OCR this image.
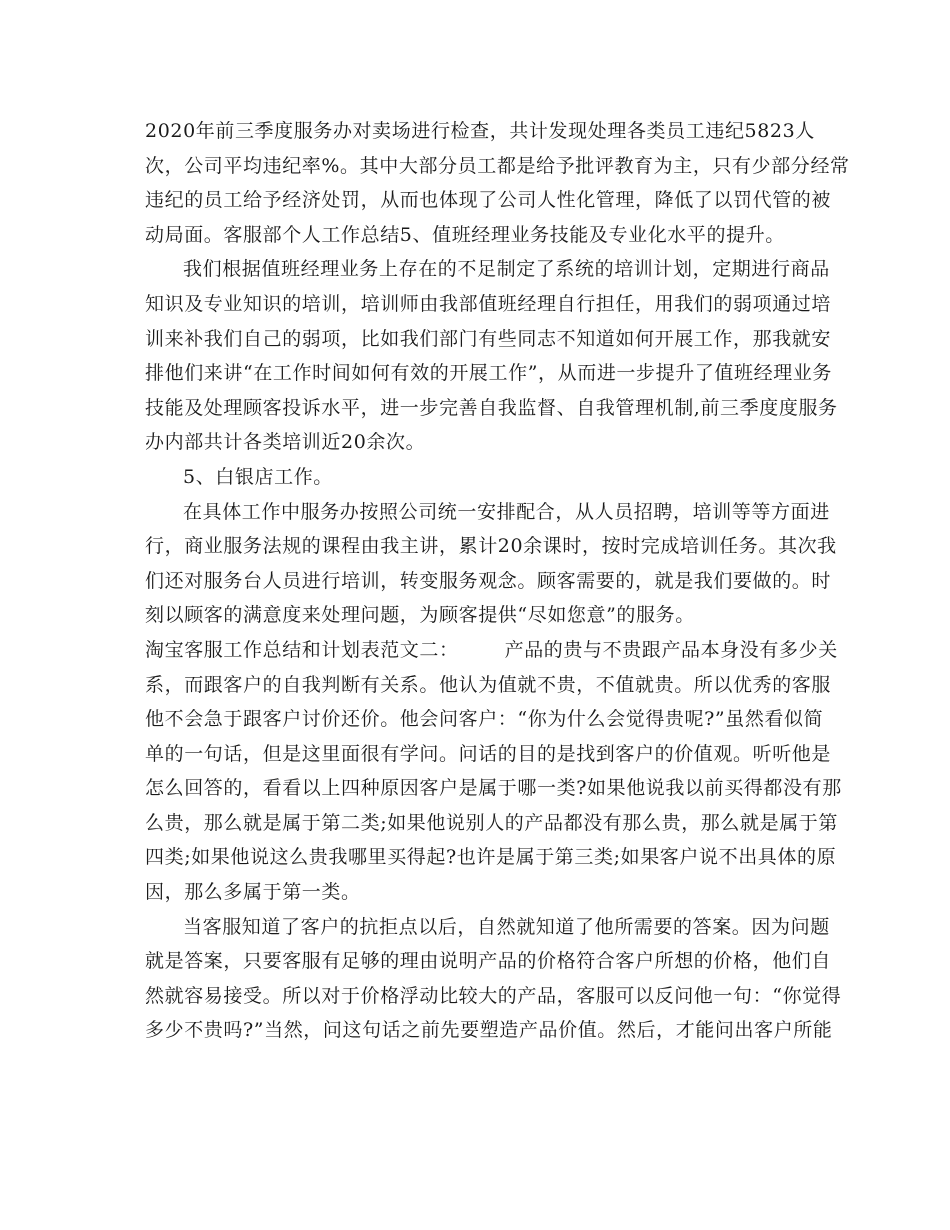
2020年前三季度服务办对卖场进行检查，共计发现处理各类员工违纪5823人
次，公司平均违纪率%。其中大部分员工都是给予批评教育为主，只有少部分经常
违纪的员工给予经济处罚，从而也体现了公司人性化管理，降低了以罚代管的被
动局面。客服部个人工作总结5、值班经理业务技能及专业化水平的提升。
我们根据值班经理业务上存在的不足制定了系统的培训计划，定期进行商品
知识及专业知识的培训，培训师由我部值班经理自行担任，用我们的弱项通过培
训来补我们自己的弱项，比如我们部门有些同志不知道如何开展工作，那我就安
排他们来讲“在工作时间如何有效的开展工作”，从而进一步提升了值班经理业务
技能及处理顾客投诉水平，进一步完善自我监督、自我管理机制,前三季度度服务
办内部共计各类培训近20余次。
5、白银店工作。
在具体工作中服务办按照公司统一安排配合，从人员招聘，培训等等方面进
行，商业服务法规的课程由我主讲，累计20余课时，按时完成培训任务。其次我
们还对服务台人员进行培训，转变服务观念。顾客需要的，就是我们要做的。时
刻以顾客的满意度来处理问题，为顾客提供“尽如您意”的服务。
淘宝客服工作总结和计划表范文二： 产品的贵与不贵跟产品本身没有多少关
系，而跟客户的自我判断有关系。他认为值就不贵，不值就贵。所以优秀的客服
他不会急于跟客户讨价还价。他会问客户：“你为什么会觉得贵呢?”虽然看似简
单的一句话，但是这里面很有学问。问话的目的是找到客户的价值观。听听他是
怎么回答的，看看以上四种原因客户是属于哪一类?如果他说我以前买得都没有那
么贵，那么就是属于第二类;如果他说别人的产品都没有那么贵，那么就是属于第
四类;如果他说这么贵我哪里买得起?也许是属于第三类;如果客户说不出具体的原
因，那么多属于第一类。
当客服知道了客户的抗拒点以后，自然就知道了他所需要的答案。因为问题
就是答案，只要客服有足够的理由说明产品的价格符合客户所想的价格，他们自
然就容易接受。所以对于价格浮动比较大的产品，客服可以反问他一句：“你觉得
多少不贵吗?”当然，问这句话之前先要塑造产品价值。然后，才能问出客户所能
